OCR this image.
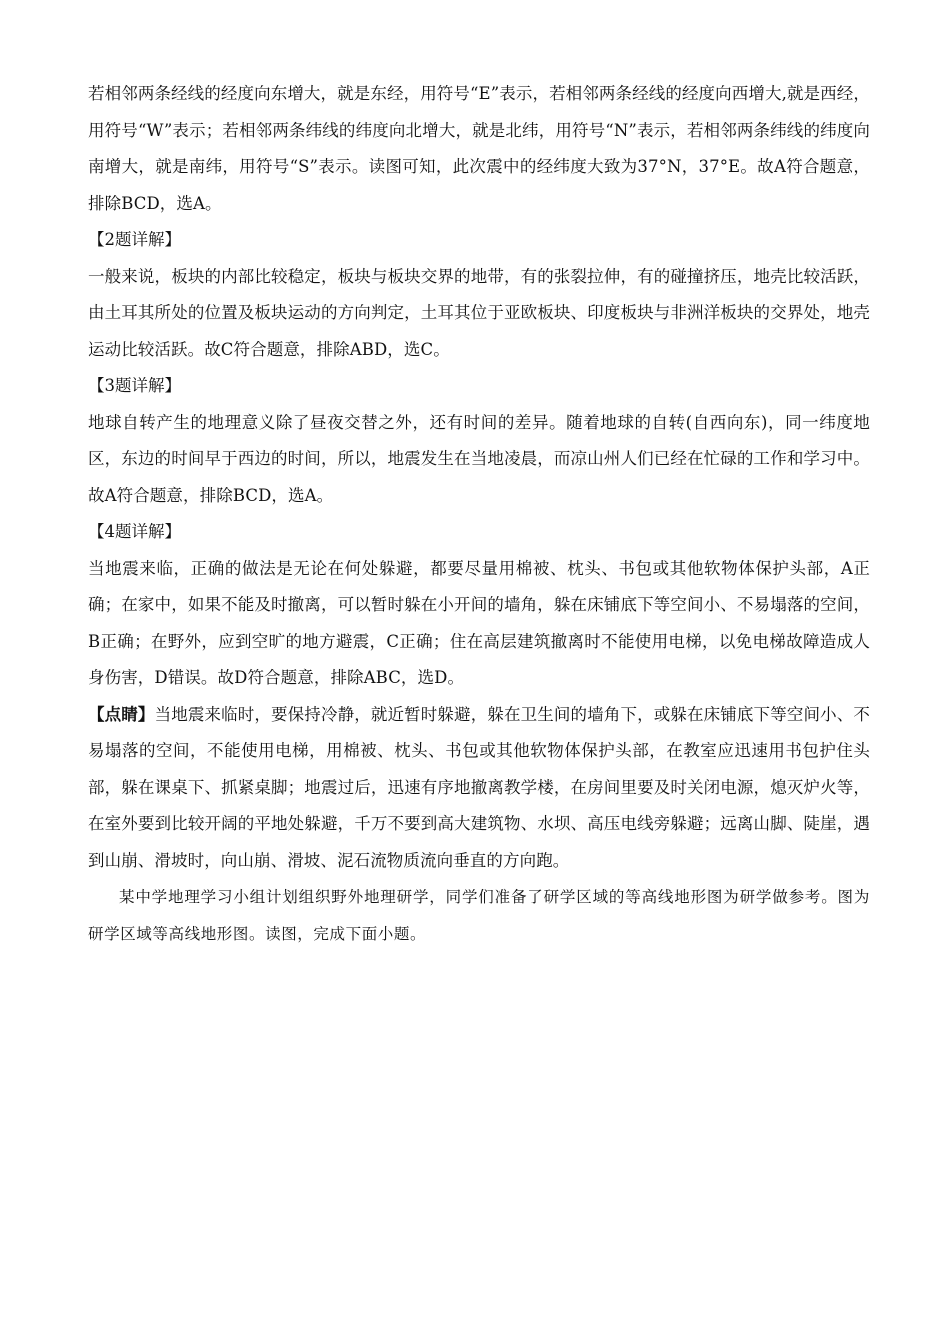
若相邻两条经线的经度向东增大，就是东经，用符号“E”表示，若相邻两条经线的经度向西增大,就是西经，用符号“W”表示；若相邻两条纬线的纬度向北增大，就是北纬，用符号“N”表示，若相邻两条纬线的纬度向南增大，就是南纬，用符号“S”表示。读图可知，此次震中的经纬度大致为37°N，37°E。故A符合题意，排除BCD，选A。

【2题详解】

一般来说，板块的内部比较稳定，板块与板块交界的地带，有的张裂拉伸，有的碰撞挤压，地壳比较活跃，由土耳其所处的位置及板块运动的方向判定，土耳其位于亚欧板块、印度板块与非洲洋板块的交界处，地壳运动比较活跃。故C符合题意，排除ABD，选C。

【3题详解】

地球自转产生的地理意义除了昼夜交替之外，还有时间的差异。随着地球的自转(自西向东)，同一纬度地区，东边的时间早于西边的时间，所以，地震发生在当地凌晨，而凉山州人们已经在忙碌的工作和学习中。故A符合题意，排除BCD，选A。

【4题详解】

当地震来临，正确的做法是无论在何处躲避，都要尽量用棉被、枕头、书包或其他软物体保护头部，A正确；在家中，如果不能及时撤离，可以暂时躲在小开间的墙角，躲在床铺底下等空间小、不易塌落的空间，B正确；在野外，应到空旷的地方避震，C正确；住在高层建筑撤离时不能使用电梯，以免电梯故障造成人身伤害，D错误。故D符合题意，排除ABC，选D。

【点睛】当地震来临时，要保持冷静，就近暂时躲避，躲在卫生间的墙角下，或躲在床铺底下等空间小、不易塌落的空间，不能使用电梯，用棉被、枕头、书包或其他软物体保护头部，在教室应迅速用书包护住头部，躲在课桌下、抓紧桌脚；地震过后，迅速有序地撤离教学楼，在房间里要及时关闭电源，熄灭炉火等，在室外要到比较开阔的平地处躲避，千万不要到高大建筑物、水坝、高压电线旁躲避；远离山脚、陡崖，遇到山崩、滑坡时，向山崩、滑坡、泥石流物质流向垂直的方向跑。

某中学地理学习小组计划组织野外地理研学，同学们准备了研学区域的等高线地形图为研学做参考。图为研学区域等高线地形图。读图，完成下面小题。
